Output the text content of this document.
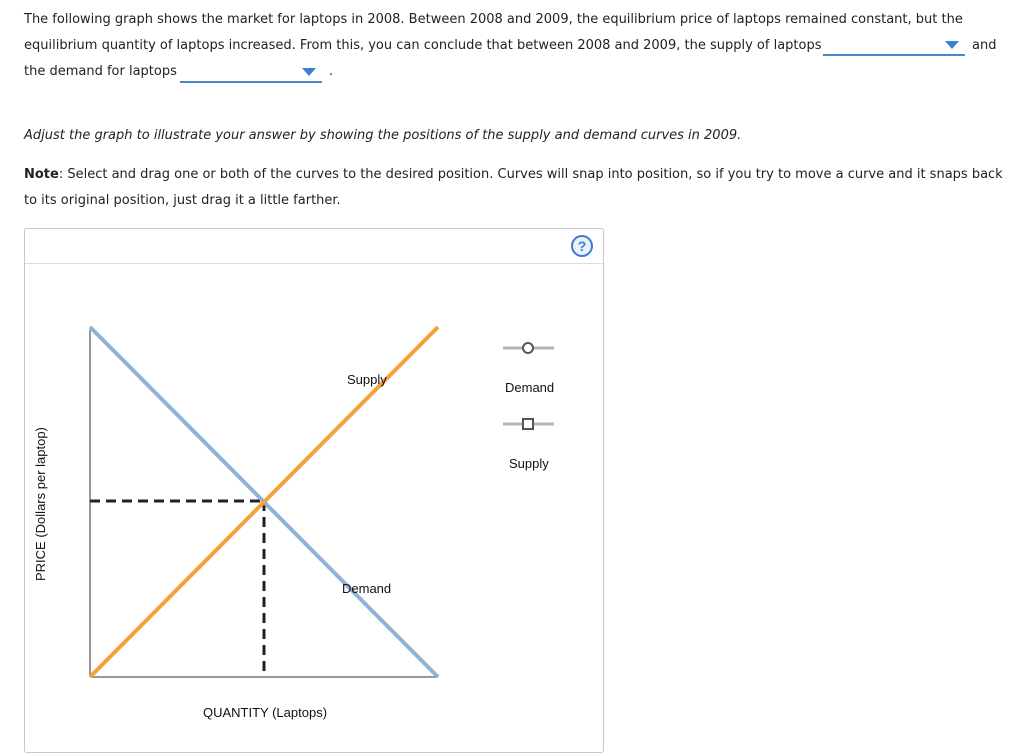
The following graph shows the market for laptops in 2008. Between 2008 and 2009, the equilibrium price of laptops remained constant, but the
equilibrium quantity of laptops increased. From this, you can conclude that between 2008 and 2009, the supply of laptops	and
the demand for laptops	.
Adjust the graph to illustrate your answer by showing the positions of the supply and demand curves in 2009.
Note: Select and drag one or both of the curves to the desired position. Curves will snap into position, so if you try to move a curve and it snaps back
to its original position, just drag it a little farther.
?
Supply
Demand
QUANTITY (Laptops)
PRICE (Dollars per laptop)
Demand
Supply
